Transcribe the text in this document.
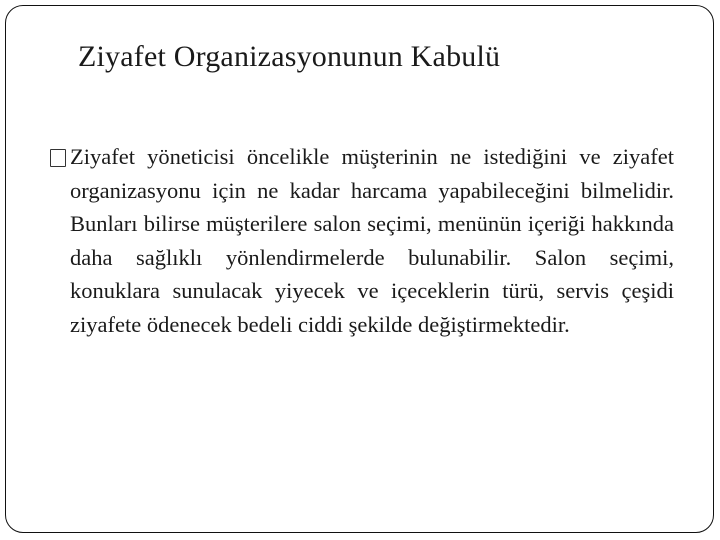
Ziyafet Organizasyonunun Kabulü

Ziyafet yöneticisi öncelikle müşterinin ne istediğini ve ziyafet organizasyonu için ne kadar harcama yapabileceğini bilmelidir. Bunları bilirse müşterilere salon seçimi, menünün içeriği hakkında daha sağlıklı yönlendirmelerde bulunabilir. Salon seçimi, konuklara sunulacak yiyecek ve içeceklerin türü, servis çeşidi ziyafete ödenecek bedeli ciddi şekilde değiştirmektedir.
